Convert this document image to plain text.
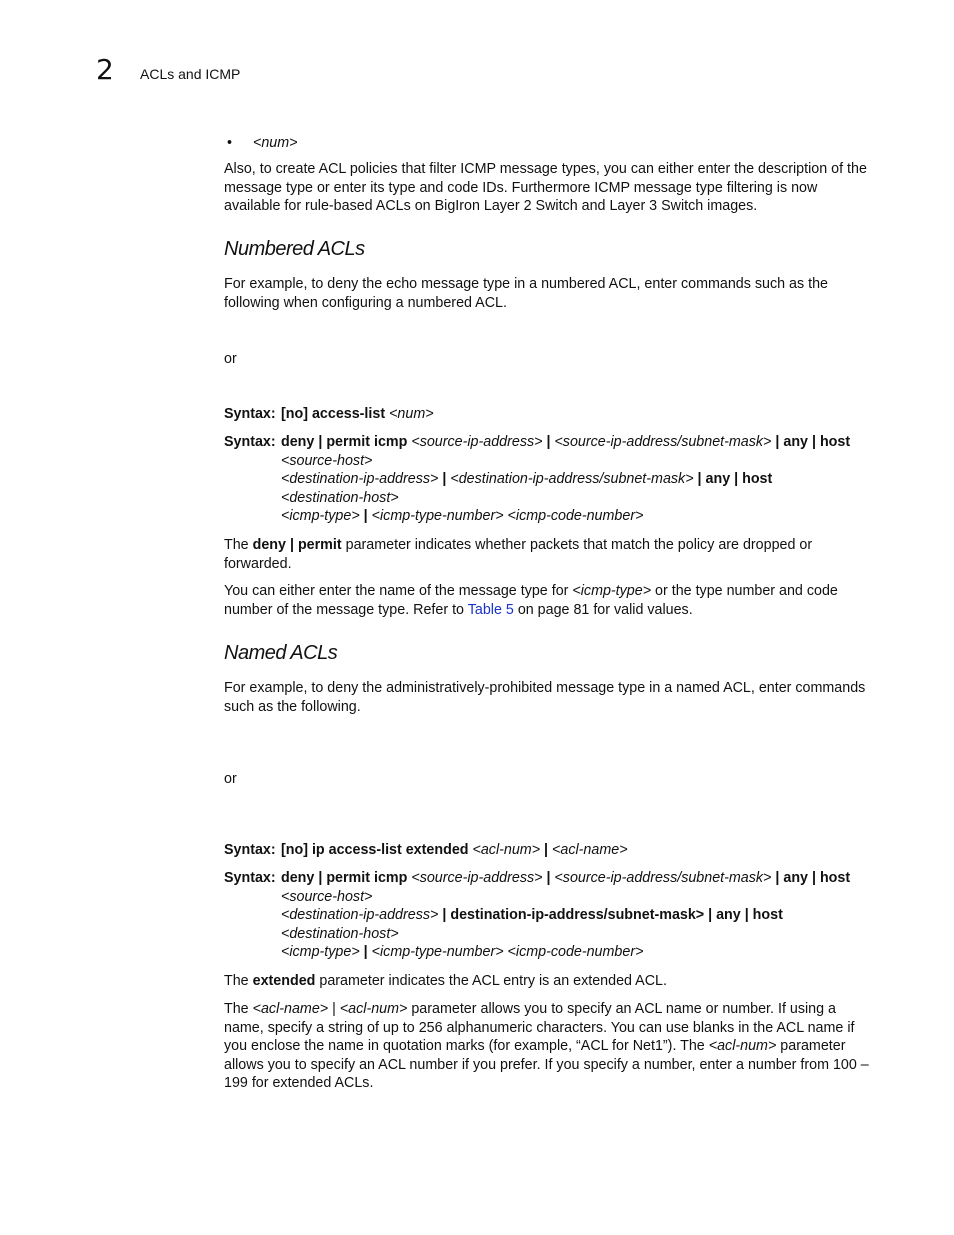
2 ACLs and ICMP
• <num>

Also, to create ACL policies that filter ICMP message types, you can either enter the description of the message type or enter its type and code IDs. Furthermore ICMP message type filtering is now available for rule-based ACLs on BigIron Layer 2 Switch and Layer 3 Switch images.

Numbered ACLs

For example, to deny the echo message type in a numbered ACL, enter commands such as the following when configuring a numbered ACL.

or

Syntax: [no] access-list <num>
Syntax: deny | permit icmp <source-ip-address> | <source-ip-address/subnet-mask> | any | host
<source-host>
<destination-ip-address> | <destination-ip-address/subnet-mask> | any | host
<destination-host>
<icmp-type> | <icmp-type-number> <icmp-code-number>

The deny | permit parameter indicates whether packets that match the policy are dropped or forwarded.

You can either enter the name of the message type for <icmp-type> or the type number and code number of the message type. Refer to Table 5 on page 81 for valid values.

Named ACLs

For example, to deny the administratively-prohibited message type in a named ACL, enter commands such as the following.

or

Syntax: [no] ip access-list extended <acl-num> | <acl-name>
Syntax: deny | permit icmp <source-ip-address> | <source-ip-address/subnet-mask> | any | host
<source-host>
<destination-ip-address> | destination-ip-address/subnet-mask> | any | host
<destination-host>
<icmp-type> | <icmp-type-number> <icmp-code-number>

The extended parameter indicates the ACL entry is an extended ACL.

The <acl-name> | <acl-num> parameter allows you to specify an ACL name or number. If using a name, specify a string of up to 256 alphanumeric characters. You can use blanks in the ACL name if you enclose the name in quotation marks (for example, “ACL for Net1”). The <acl-num> parameter allows you to specify an ACL number if you prefer. If you specify a number, enter a number from 100 – 199 for extended ACLs.
